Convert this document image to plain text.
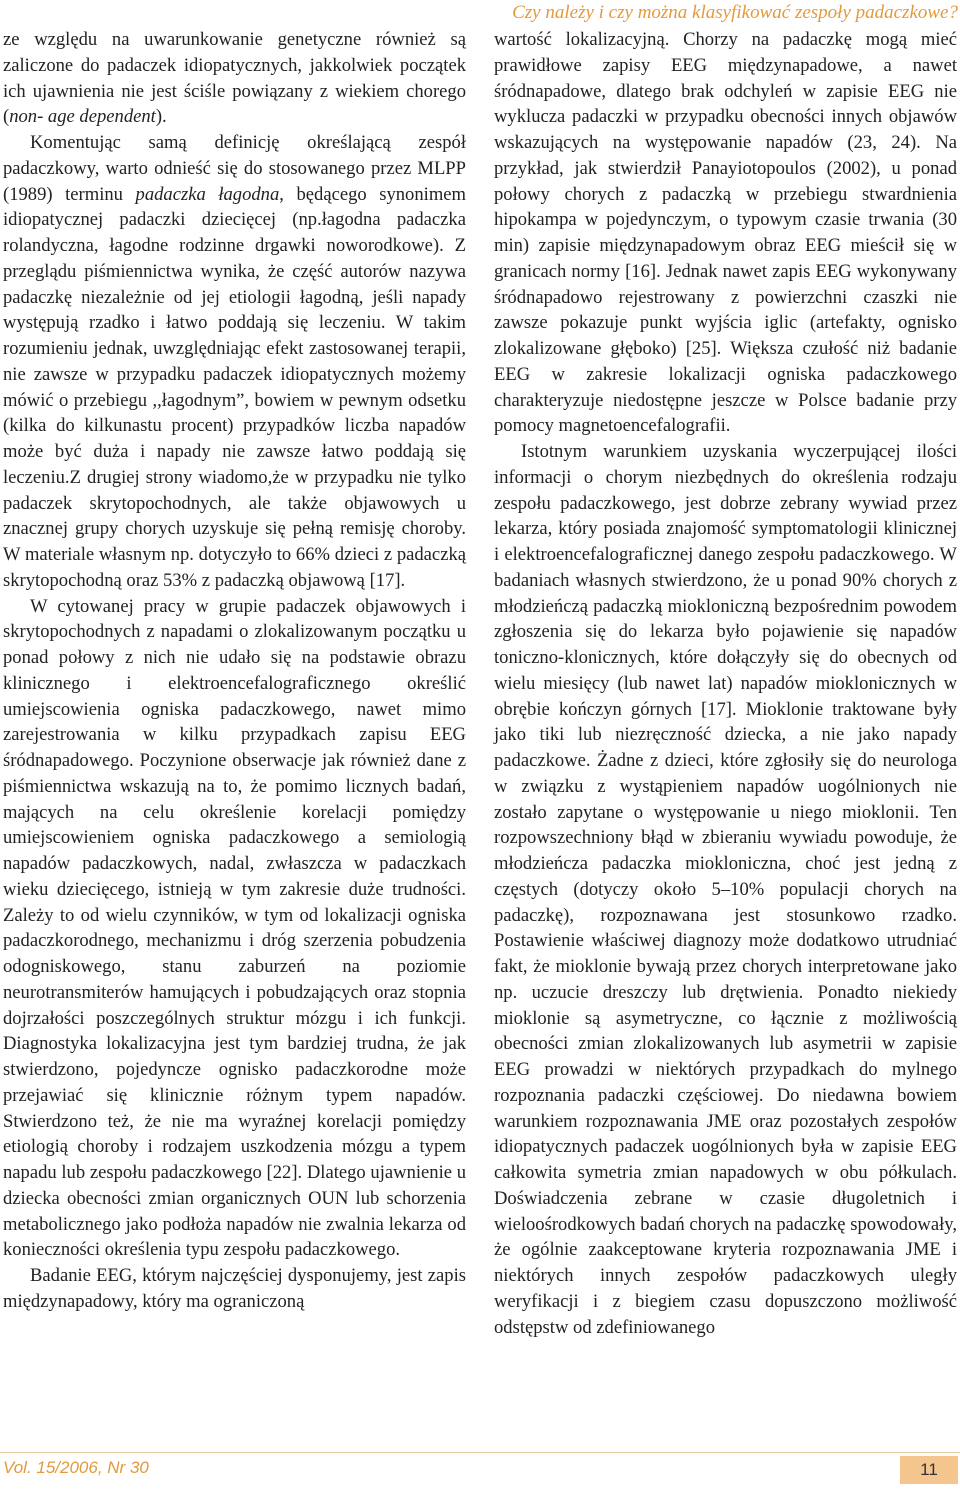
Czy należy i czy można klasyfikować zespoły padaczkowe?

ze względu na uwarunkowanie genetyczne również są zaliczone do padaczek idiopatycznych, jakkolwiek początek ich ujawnienia nie jest ściśle powiązany z wiekiem chorego (non- age dependent).

Komentując samą definicję określającą zespół padaczkowy, warto odnieść się do stosowanego przez MLPP (1989) terminu padaczka łagodna, będącego synonimem idiopatycznej padaczki dziecięcej (np.łagodna padaczka rolandyczna, łagodne rodzinne drgawki noworodkowe). Z przeglądu piśmiennictwa wynika, że część autorów nazywa padaczkę niezależnie od jej etiologii łagodną, jeśli napady występują rzadko i łatwo poddają się leczeniu. W takim rozumieniu jednak, uwzględniając efekt zastosowanej terapii, nie zawsze w przypadku padaczek idiopatycznych możemy mówić o przebiegu ,,łagodnym”, bowiem w pewnym odsetku (kilka do kilkunastu procent) przypadków liczba napadów może być duża i napady nie zawsze łatwo poddają się leczeniu.Z drugiej strony wiadomo,że w przypadku nie tylko padaczek skrytopochodnych, ale także objawowych u znacznej grupy chorych uzyskuje się pełną remisję choroby. W materiale własnym np. dotyczyło to 66% dzieci z padaczką skrytopochodną oraz 53% z padaczką objawową [17].

W cytowanej pracy w grupie padaczek objawowych i skrytopochodnych z napadami o zlokalizowanym początku u ponad połowy z nich nie udało się na podstawie obrazu klinicznego i elektroencefalograficznego określić umiejscowienia ogniska padaczkowego, nawet mimo zarejestrowania w kilku przypadkach zapisu EEG śródnapadowego. Poczynione obserwacje jak również dane z piśmiennictwa wskazują na to, że pomimo licznych badań, mających na celu określenie korelacji pomiędzy umiejscowieniem ogniska padaczkowego a semiologią napadów padaczkowych, nadal, zwłaszcza w padaczkach wieku dziecięcego, istnieją w tym zakresie duże trudności. Zależy to od wielu czynników, w tym od lokalizacji ogniska padaczkorodnego, mechanizmu i dróg szerzenia pobudzenia odogniskowego, stanu zaburzeń na poziomie neurotransmiterów hamujących i pobudzających oraz stopnia dojrzałości poszczególnych struktur mózgu i ich funkcji. Diagnostyka lokalizacyjna jest tym bardziej trudna, że jak stwierdzono, pojedyncze ognisko padaczkorodne może przejawiać się klinicznie różnym typem napadów. Stwierdzono też, że nie ma wyraźnej korelacji pomiędzy etiologią choroby i rodzajem uszkodzenia mózgu a typem napadu lub zespołu padaczkowego [22]. Dlatego ujawnienie u dziecka obecności zmian organicznych OUN lub schorzenia metabolicznego jako podłoża napadów nie zwalnia lekarza od konieczności określenia typu zespołu padaczkowego.

Badanie EEG, którym najczęściej dysponujemy, jest zapis międzynapadowy, który ma ograniczoną

wartość lokalizacyjną. Chorzy na padaczkę mogą mieć prawidłowe zapisy EEG międzynapadowe, a nawet śródnapadowe, dlatego brak odchyleń w zapisie EEG nie wyklucza padaczki w przypadku obecności innych objawów wskazujących na występowanie napadów (23, 24). Na przykład, jak stwierdził Panayiotopoulos (2002), u ponad połowy chorych z padaczką w przebiegu stwardnienia hipokampa w pojedynczym, o typowym czasie trwania (30 min) zapisie międzynapadowym obraz EEG mieścił się w granicach normy [16]. Jednak nawet zapis EEG wykonywany śródnapadowo rejestrowany z powierzchni czaszki nie zawsze pokazuje punkt wyjścia iglic (artefakty, ognisko zlokalizowane głęboko) [25]. Większa czułość niż badanie EEG w zakresie lokalizacji ogniska padaczkowego charakteryzuje niedostępne jeszcze w Polsce badanie przy pomocy magnetoencefalografii.

Istotnym warunkiem uzyskania wyczerpującej ilości informacji o chorym niezbędnych do określenia rodzaju zespołu padaczkowego, jest dobrze zebrany wywiad przez lekarza, który posiada znajomość symptomatologii klinicznej i elektroencefalograficznej danego zespołu padaczkowego. W badaniach własnych stwierdzono, że u ponad 90% chorych z młodzieńczą padaczką miokloniczną bezpośrednim powodem zgłoszenia się do lekarza było pojawienie się napadów toniczno-klonicznych, które dołączyły się do obecnych od wielu miesięcy (lub nawet lat) napadów mioklonicznych w obrębie kończyn górnych [17]. Mioklonie traktowane były jako tiki lub niezręczność dziecka, a nie jako napady padaczkowe. Żadne z dzieci, które zgłosiły się do neurologa w związku z wystąpieniem napadów uogólnionych nie zostało zapytane o występowanie u niego mioklonii. Ten rozpowszechniony błąd w zbieraniu wywiadu powoduje, że młodzieńcza padaczka miokloniczna, choć jest jedną z częstych (dotyczy około 5–10% populacji chorych na padaczkę), rozpoznawana jest stosunkowo rzadko. Postawienie właściwej diagnozy może dodatkowo utrudniać fakt, że mioklonie bywają przez chorych interpretowane jako np. uczucie dreszczy lub drętwienia. Ponadto niekiedy mioklonie są asymetryczne, co łącznie z możliwością obecności zmian zlokalizowanych lub asymetrii w zapisie EEG prowadzi w niektórych przypadkach do mylnego rozpoznania padaczki częściowej. Do niedawna bowiem warunkiem rozpoznawania JME oraz pozostałych zespołów idiopatycznych padaczek uogólnionych była w zapisie EEG całkowita symetria zmian napadowych w obu półkulach. Doświadczenia zebrane w czasie długoletnich i wieloośrodkowych badań chorych na padaczkę spowodowały, że ogólnie zaakceptowane kryteria rozpoznawania JME i niektórych innych zespołów padaczkowych uległy weryfikacji i z biegiem czasu dopuszczono możliwość odstępstw od zdefiniowanego

Vol. 15/2006, Nr 30	11
